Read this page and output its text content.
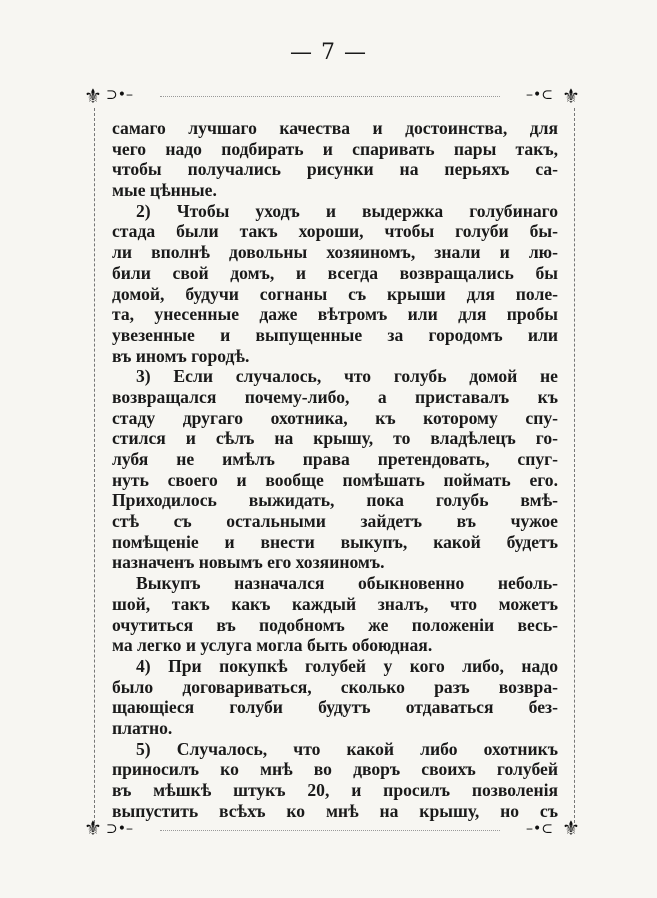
— 7 —
⚜ ⊃•–	⚜
–•⊂
⚜ ⊃•–	⚜
–•⊂
самаго лучшаго качества и достоинства, для
чего надо подбирать и спаривать пары такъ,
чтобы получались рисунки на перьяхъ са-
мые цѣнные.
2) Чтобы уходъ и выдержка голубинаго
стада были такъ хороши, чтобы голуби бы-
ли вполнѣ довольны хозяиномъ, знали и лю-
били свой домъ, и всегда возвращались бы
домой, будучи согнаны съ крыши для поле-
та, унесенные даже вѣтромъ или для пробы
увезенные и выпущенные за городомъ или
въ иномъ городѣ.
3) Если случалось, что голубь домой не
возвращался почему-либо, а приставалъ къ
стаду другаго охотника, къ которому спу-
стился и сѣлъ на крышу, то владѣлецъ го-
лубя не имѣлъ права претендовать, спуг-
нуть своего и вообще помѣшать поймать его.
Приходилось выжидать, пока голубь вмѣ-
стѣ съ остальными зайдетъ въ чужое
помѣщеніе и внести выкупъ, какой будетъ
назначенъ новымъ его хозяиномъ.
Выкупъ назначался обыкновенно неболь-
шой, такъ какъ каждый зналъ, что можетъ
очутиться въ подобномъ же положеніи весь-
ма легко и услуга могла быть обоюдная.
4) При покупкѣ голубей у кого либо, надо
было договариваться, сколько разъ возвра-
щающіеся голуби будутъ отдаваться без-
платно.
5) Случалось, что какой либо охотникъ
приносилъ ко мнѣ во дворъ своихъ голубей
въ мѣшкѣ штукъ 20, и просилъ позволенія
выпустить всѣхъ ко мнѣ на крышу, но съ
